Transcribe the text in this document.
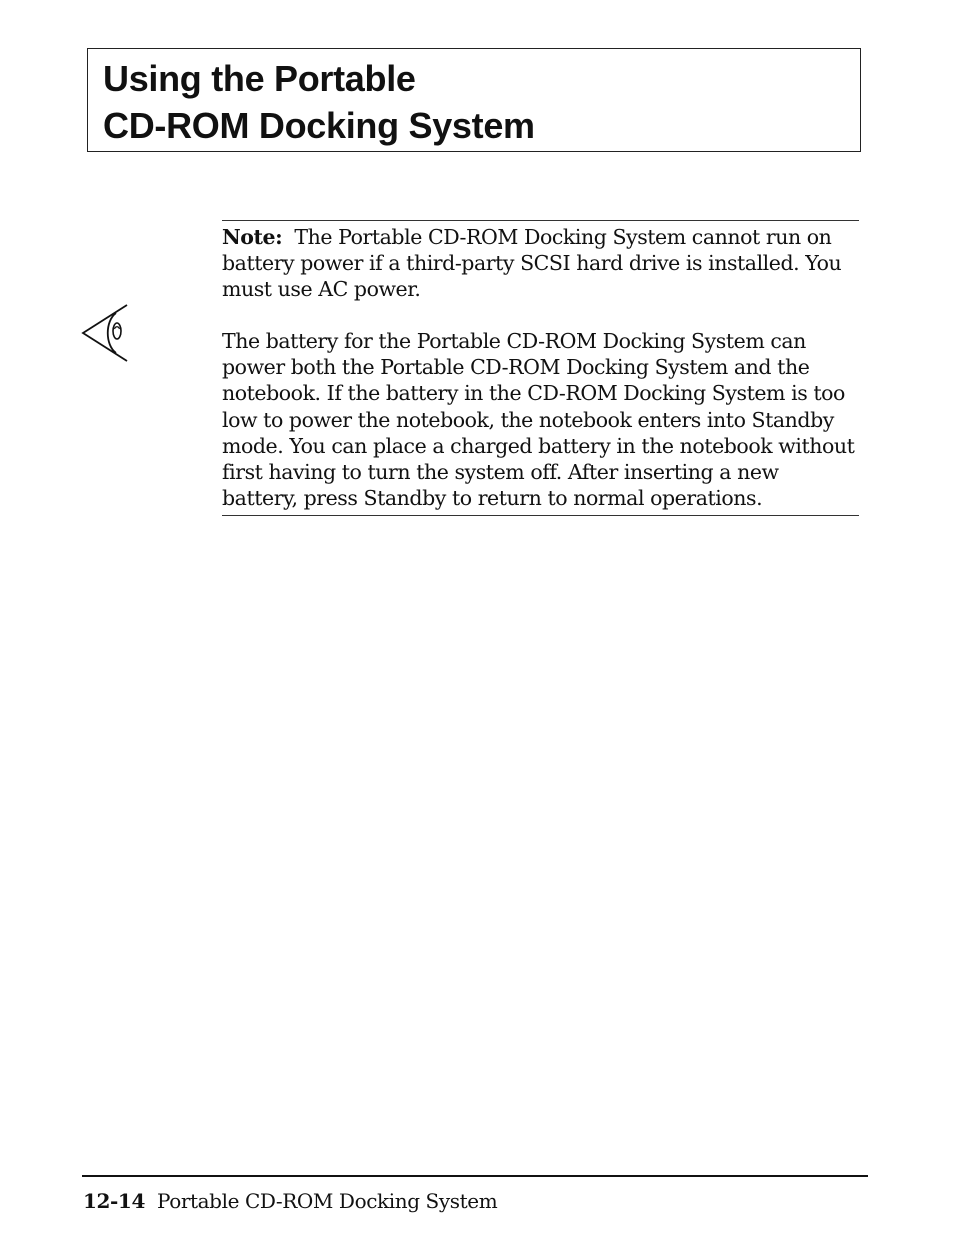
Using the Portable
CD-ROM Docking System

Note: The Portable CD-ROM Docking System cannot run on battery power if a third-party SCSI hard drive is installed. You must use AC power.

The battery for the Portable CD-ROM Docking System can power both the Portable CD-ROM Docking System and the notebook. If the battery in the CD-ROM Docking System is too low to power the notebook, the notebook enters into Standby mode. You can place a charged battery in the notebook without first having to turn the system off. After inserting a new battery, press Standby to return to normal operations.

12-14 Portable CD-ROM Docking System
